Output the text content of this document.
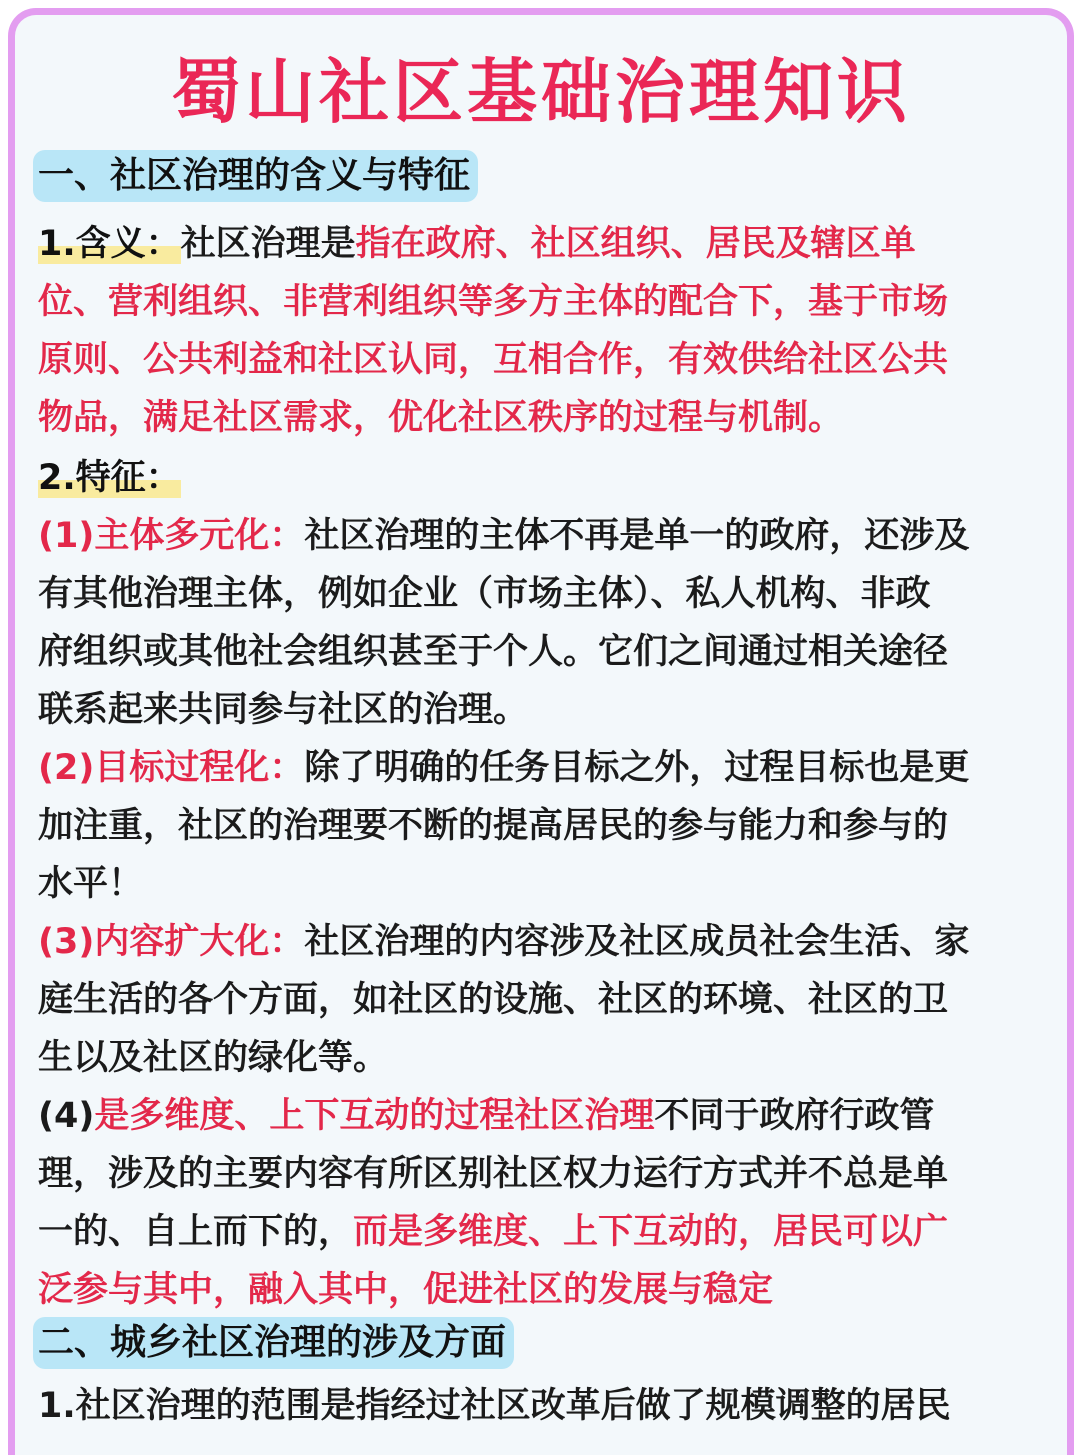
蜀山社区基础治理知识
一、社区治理的含义与特征
1.含义：社区治理是指在政府、社区组织、居民及辖区单
位、营利组织、非营利组织等多方主体的配合下，基于市场
原则、公共利益和社区认同，互相合作，有效供给社区公共
物品，满足社区需求，优化社区秩序的过程与机制。
2.特征：
(1)主体多元化：社区治理的主体不再是单一的政府，还涉及
有其他治理主体，例如企业（市场主体）、私人机构、非政
府组织或其他社会组织甚至于个人。它们之间通过相关途径
联系起来共同参与社区的治理。
(2)目标过程化：除了明确的任务目标之外，过程目标也是更
加注重，社区的治理要不断的提高居民的参与能力和参与的
水平！
(3)内容扩大化：社区治理的内容涉及社区成员社会生活、家
庭生活的各个方面，如社区的设施、社区的环境、社区的卫
生以及社区的绿化等。
(4)是多维度、上下互动的过程社区治理不同于政府行政管
理，涉及的主要内容有所区别社区权力运行方式并不总是单
一的、自上而下的，而是多维度、上下互动的，居民可以广
泛参与其中，融入其中，促进社区的发展与稳定
二、城乡社区治理的涉及方面
1.社区治理的范围是指经过社区改革后做了规模调整的居民
